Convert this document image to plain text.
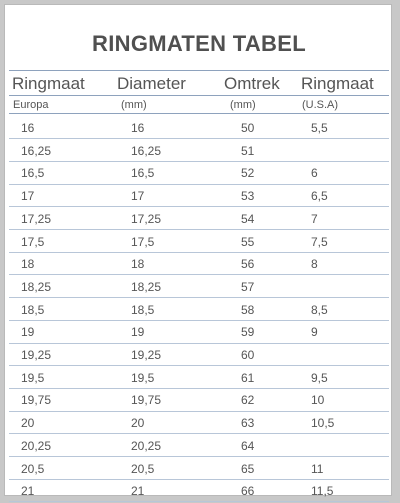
RINGMATEN TABEL
Ringmaat Diameter Omtrek Ringmaat
Europa	(mm)	(mm)	(U.S.A)
16	16	50	5,5
16,25	16,25	51
16,5	16,5	52	6
17	17	53	6,5
17,25	17,25	54	7
17,5	17,5	55	7,5
18	18	56	8
18,25	18,25	57
18,5	18,5	58	8,5
19	19	59	9
19,25	19,25	60
19,5	19,5	61	9,5
19,75	19,75	62	10
20	20	63	10,5
20,25	20,25	64
20,5	20,5	65	11
21	21	66	11,5
